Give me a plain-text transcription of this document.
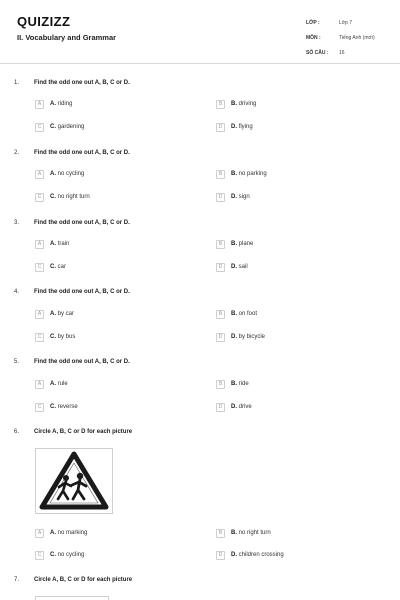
QUIZIZZ
II. Vocabulary and Grammar
LỚP :	Lớp 7
MÔN :	Tiếng Anh (mới)
SỐ CÂU :	16
1. Find the odd one out A, B, C or D.
A	A. riding	B	B. driving
C	C. gardening	D	D. flying
2. Find the odd one out A, B, C or D.
A	A. no cycling	B	B. no parking
C	C. no right turn	D	D. sign
3. Find the odd one out A, B, C or D.
A	A. train	B	B. plane
C	C. car	D	D. sail
4. Find the odd one out A, B, C or D.
A	A. by car	B	B. on foot
C	C. by bus	D	D. by bicycle
5. Find the odd one out A, B, C or D.
A	A. rule	B	B. ride
C	C. reverse	D	D. drive
6. Circle A, B, C or D for each picture
A	A. no marking	B	B. no right turn
C	C. no cycling	D	D. children crossing
7. Circle A, B, C or D for each picture
